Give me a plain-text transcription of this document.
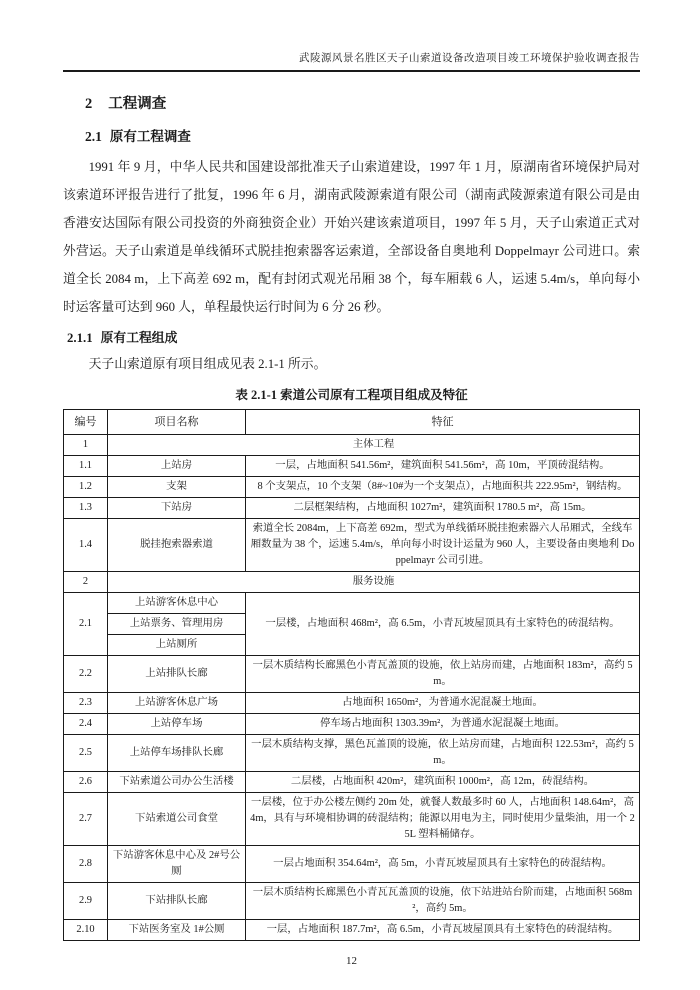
武陵源风景名胜区天子山索道设备改造项目竣工环境保护验收调查报告
2 工程调查
2.1 原有工程调查
1991 年 9 月，中华人民共和国建设部批准天子山索道建设，1997 年 1 月，原湖南省环境保护局对该索道环评报告进行了批复，1996 年 6 月，湖南武陵源索道有限公司（湖南武陵源索道有限公司是由香港安达国际有限公司投资的外商独资企业）开始兴建该索道项目，1997 年 5 月，天子山索道正式对外营运。天子山索道是单线循环式脱挂抱索器客运索道，全部设备自奥地利 Doppelmayr 公司进口。索道全长 2084 m，上下高差 692 m，配有封闭式观光吊厢 38 个，每车厢载 6 人，运速 5.4m/s，单向每小时运客量可达到 960 人，单程最快运行时间为 6 分 26 秒。
2.1.1 原有工程组成
天子山索道原有项目组成见表 2.1-1 所示。
表 2.1-1 索道公司原有工程项目组成及特征
编号	项目名称	特征
1	主体工程	
1.1	上站房	一层，占地面积 541.56m²，建筑面积 541.56m²，高 10m，平顶砖混结构。
1.2	支架	8 个支架点，10 个支架（8#~10#为一个支架点），占地面积共 222.95m²，钢结构。
1.3	下站房	二层框架结构，占地面积 1027m²，建筑面积 1780.5 m²，高 15m。
1.4	脱挂抱索器索道	索道全长 2084m，上下高差 692m，型式为单线循环脱挂抱索器六人吊厢式，全线车厢数量为 38 个，运速 5.4m/s，单向每小时设计运量为 960 人，主要设备由奥地利 Doppelmayr 公司引进。
2	服务设施	
2.1	上站游客休息中心	一层楼，占地面积 468m²，高 6.5m，小青瓦坡屋顶具有土家特色的砖混结构。
	上站票务、管理用房	
	上站厕所	
2.2	上站排队长廊	一层木质结构长廊黑色小青瓦盖顶的设施，依上站房而建，占地面积 183m²，高约 5m。
2.3	上站游客休息广场	占地面积 1650m²，为普通水泥混凝土地面。
2.4	上站停车场	停车场占地面积 1303.39m²，为普通水泥混凝土地面。
2.5	上站停车场排队长廊	一层木质结构支撑，黑色瓦盖顶的设施，依上站房而建，占地面积 122.53m²，高约 5m。
2.6	下站索道公司办公生活楼	二层楼，占地面积 420m²，建筑面积 1000m²，高 12m，砖混结构。
2.7	下站索道公司食堂	一层楼，位于办公楼左侧约 20m 处，就餐人数最多时 60 人，占地面积 148.64m²，高 4m，具有与环境相协调的砖混结构；能源以用电为主，同时使用少量柴油，用一个 25L 塑料桶储存。
2.8	下站游客休息中心及 2#号公厕	一层占地面积 354.64m²，高 5m，小青瓦坡屋顶具有土家特色的砖混结构。
2.9	下站排队长廊	一层木质结构长廊黑色小青瓦瓦盖顶的设施，依下站进站台阶而建，占地面积 568m²，高约 5m。
2.10	下站医务室及 1#公厕	一层，占地面积 187.7m²，高 6.5m，小青瓦坡屋顶具有土家特色的砖混结构。
12
